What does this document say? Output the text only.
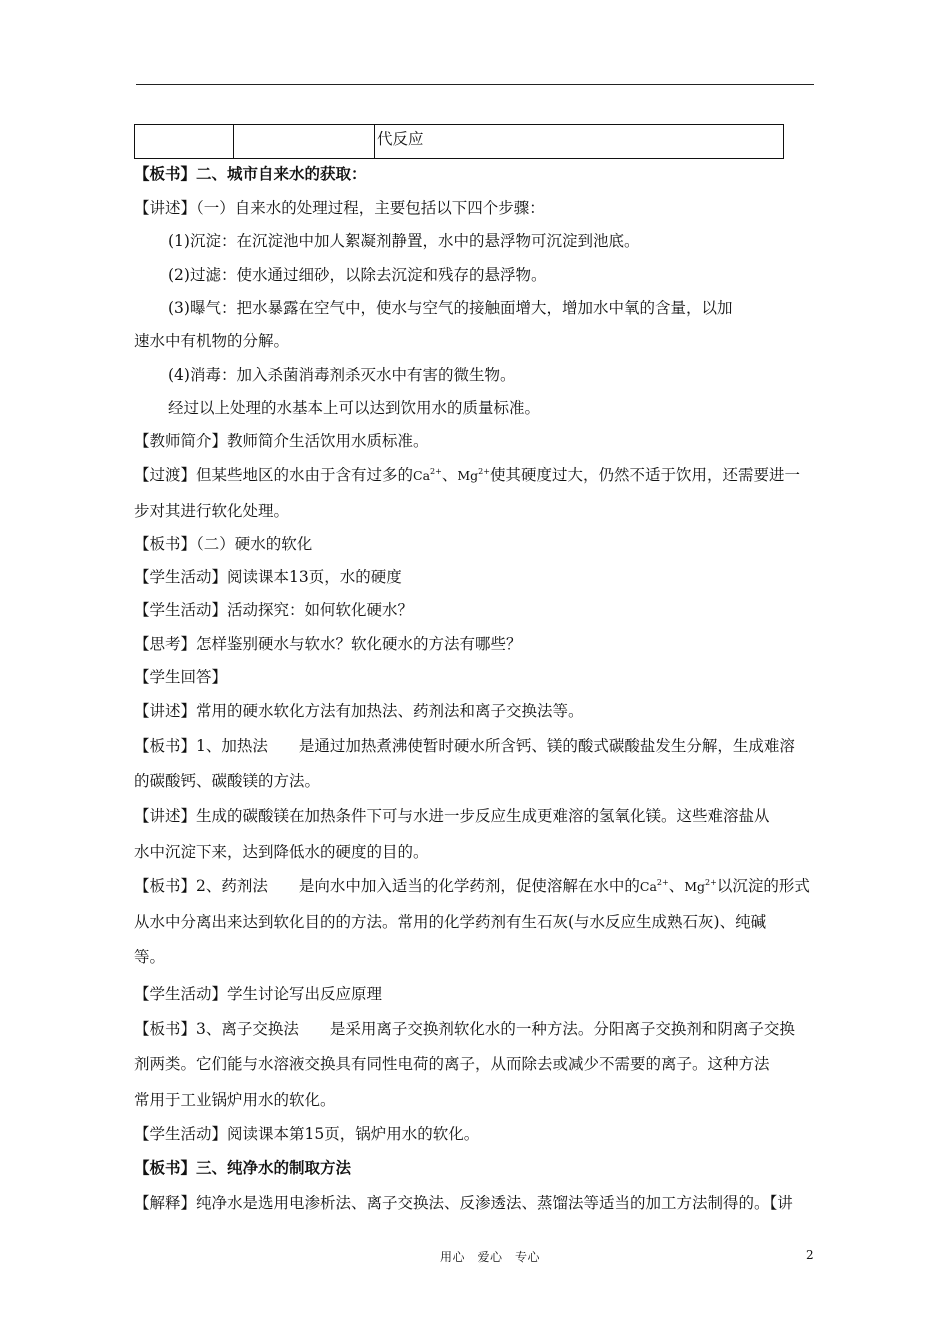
		代反应
【板书】二、城市自来水的获取：
【讲述】（一）自来水的处理过程，主要包括以下四个步骤：
(1)沉淀：在沉淀池中加人絮凝剂静置，水中的悬浮物可沉淀到池底。
(2)过滤：使水通过细砂，以除去沉淀和残存的悬浮物。
(3)曝气：把水暴露在空气中，使水与空气的接触面增大，增加水中氧的含量，以加
速水中有机物的分解。
(4)消毒：加入杀菌消毒剂杀灭水中有害的微生物。
经过以上处理的水基本上可以达到饮用水的质量标准。
【教师简介】教师简介生活饮用水质标准。
【过渡】但某些地区的水由于含有过多的$Ca^{2+}$、$Mg^{2+}$使其硬度过大，仍然不适于饮用，还需要进一
步对其进行软化处理。
【板书】（二）硬水的软化
【学生活动】阅读课本13页，水的硬度
【学生活动】活动探究：如何软化硬水？
【思考】怎样鉴别硬水与软水？软化硬水的方法有哪些？
【学生回答】
【讲述】常用的硬水软化方法有加热法、药剂法和离子交换法等。
【板书】1、加热法　　是通过加热煮沸使暂时硬水所含钙、镁的酸式碳酸盐发生分解，生成难溶
的碳酸钙、碳酸镁的方法。
【讲述】生成的碳酸镁在加热条件下可与水进一步反应生成更难溶的氢氧化镁。这些难溶盐从
水中沉淀下来，达到降低水的硬度的目的。
【板书】2、药剂法　　是向水中加入适当的化学药剂，促使溶解在水中的$Ca^{2+}$、$Mg^{2+}$以沉淀的形式
从水中分离出来达到软化目的的方法。常用的化学药剂有生石灰(与水反应生成熟石灰)、纯碱
等。
【学生活动】学生讨论写出反应原理
【板书】3、离子交换法　　是采用离子交换剂软化水的一种方法。分阳离子交换剂和阴离子交换
剂两类。它们能与水溶液交换具有同性电荷的离子，从而除去或减少不需要的离子。这种方法
常用于工业锅炉用水的软化。
【学生活动】阅读课本第15页，锅炉用水的软化。
【板书】三、纯净水的制取方法
【解释】纯净水是选用电渗析法、离子交换法、反渗透法、蒸馏法等适当的加工方法制得的。【讲
用心　爱心　专心	2
